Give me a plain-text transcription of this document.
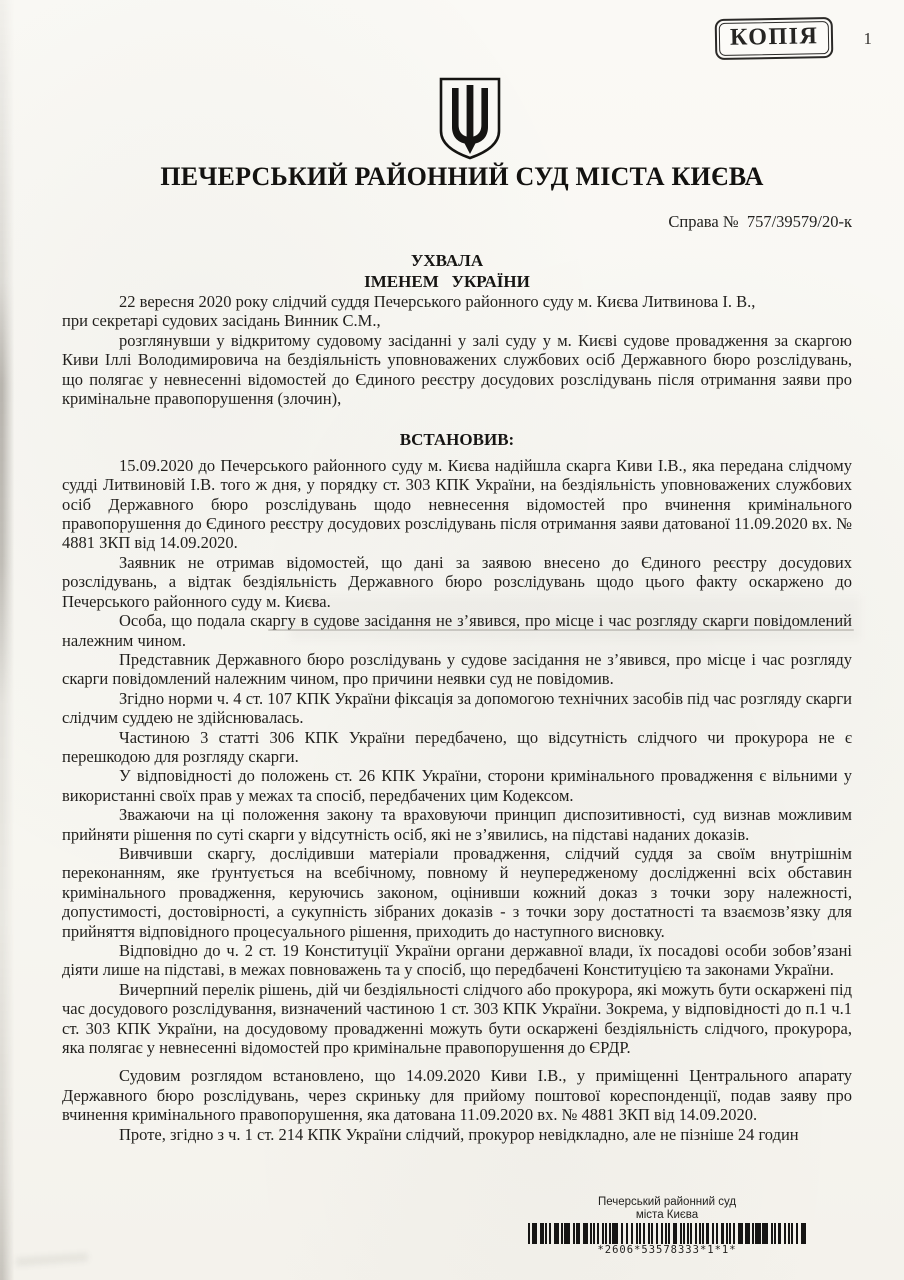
КОПІЯ	1
ПЕЧЕРСЬКИЙ РАЙОННИЙ СУД МІСТА КИЄВА
Справа №  757/39579/20-к
УХВАЛА
ІМЕНЕМ   УКРАЇНИ

22 вересня 2020 року слідчий суддя Печерського районного суду м. Києва Литвинова І. В.,

при секретарі судових засідань Винник С.М.,

розглянувши у відкритому судовому засіданні у залі суду у м. Києві судове провадження за скаргою Киви Іллі Володимировича на бездіяльність уповноважених службових осіб Державного бюро розслідувань, що полягає у невнесенні відомостей до Єдиного реєстру досудових розслідувань після отримання заяви про кримінальне правопорушення (злочин),

ВСТАНОВИВ:

15.09.2020 до Печерського районного суду м. Києва надійшла скарга Киви І.В., яка передана слідчому судді Литвиновій І.В. того ж дня, у порядку ст. 303 КПК України, на бездіяльність уповноважених службових осіб Державного бюро розслідувань щодо невнесення відомостей про вчинення кримінального правопорушення до Єдиного реєстру досудових розслідувань після отримання заяви датованої 11.09.2020 вх. № 4881 ЗКП від 14.09.2020.

Заявник не отримав відомостей, що дані за заявою внесено до Єдиного реєстру досудових розслідувань, а відтак бездіяльність Державного бюро розслідувань щодо цього факту оскаржено до Печерського районного суду м. Києва.

Особа, що подала скаргу в судове засідання не з’явився, про місце і час розгляду скарги повідомлений належним чином.

Представник Державного бюро розслідувань у судове засідання не з’явився, про місце і час розгляду скарги повідомлений належним чином, про причини неявки суд не повідомив.

Згідно норми ч. 4 ст. 107 КПК України фіксація за допомогою технічних засобів під час розгляду скарги слідчим суддею не здійснювалась.

Частиною 3 статті 306 КПК України передбачено, що відсутність слідчого чи прокурора не є перешкодою для розгляду скарги.

У відповідності до положень ст. 26 КПК України, сторони кримінального провадження є вільними у використанні своїх прав у межах та спосіб, передбачених цим Кодексом.

Зважаючи на ці положення закону та враховуючи принцип диспозитивності, суд визнав можливим прийняти рішення по суті скарги у відсутність осіб, які не з’явились, на підставі наданих доказів.

Вивчивши скаргу, дослідивши матеріали провадження, слідчий суддя за своїм внутрішнім переконанням, яке ґрунтується на всебічному, повному й неупередженому дослідженні всіх обставин кримінального провадження, керуючись законом, оцінивши кожний доказ з точки зору належності, допустимості, достовірності, а сукупність зібраних доказів - з точки зору достатності та взаємозв’язку для прийняття відповідного процесуального рішення, приходить до наступного висновку.

Відповідно до ч. 2 ст. 19 Конституції України органи державної влади, їх посадові особи зобов’язані діяти лише на підставі, в межах повноважень та у спосіб, що передбачені Конституцією та законами України.

Вичерпний перелік рішень, дій чи бездіяльності слідчого або прокурора, які можуть бути оскаржені під час досудового розслідування, визначений частиною 1 ст. 303 КПК України. Зокрема, у відповідності до п.1 ч.1 ст. 303 КПК України, на досудовому провадженні можуть бути оскаржені бездіяльність слідчого, прокурора, яка полягає у невнесенні відомостей про кримінальне правопорушення до ЄРДР.

Судовим розглядом встановлено, що 14.09.2020 Киви І.В., у приміщенні Центрального апарату Державного бюро розслідувань, через скриньку для прийому поштової кореспонденції, подав заяву про вчинення кримінального правопорушення, яка датована 11.09.2020 вх. № 4881 ЗКП від 14.09.2020.

Проте, згідно з ч. 1 ст. 214 КПК України слідчий, прокурор невідкладно, але не пізніше 24 годин

Печерський районний суд
міста Києва
*2606*53578333*1*1*
